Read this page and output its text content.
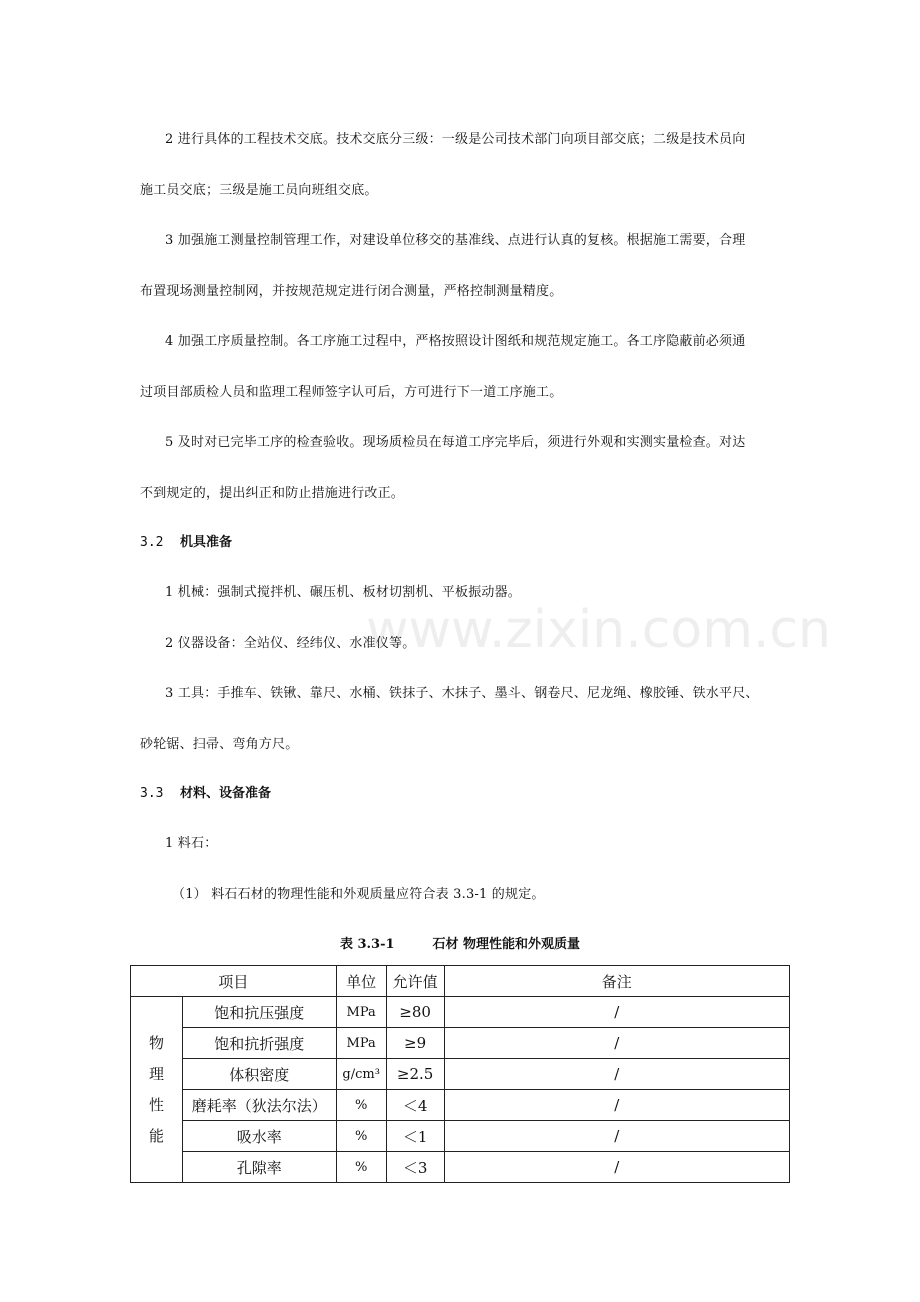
www.zixin.com.cn
2 进行具体的工程技术交底。技术交底分三级：一级是公司技术部门向项目部交底；二级是技术员向
施工员交底；三级是施工员向班组交底。
3 加强施工测量控制管理工作，对建设单位移交的基准线、点进行认真的复核。根据施工需要，合理
布置现场测量控制网，并按规范规定进行闭合测量，严格控制测量精度。
4 加强工序质量控制。各工序施工过程中，严格按照设计图纸和规范规定施工。各工序隐蔽前必须通
过项目部质检人员和监理工程师签字认可后，方可进行下一道工序施工。
5 及时对已完毕工序的检查验收。现场质检员在每道工序完毕后，须进行外观和实测实量检查。对达
不到规定的，提出纠正和防止措施进行改正。
3.2 机具准备
1 机械：强制式搅拌机、碾压机、板材切割机、平板振动器。
2 仪器设备：全站仪、经纬仪、水准仪等。
3 工具：手推车、铁锹、靠尺、水桶、铁抹子、木抹子、墨斗、钢卷尺、尼龙绳、橡胶锤、铁水平尺、
砂轮锯、扫帚、弯角方尺。
3.3 材料、设备准备
1 料石：
（1） 料石石材的物理性能和外观质量应符合表 3.3-1 的规定。
表 3.3-1	石材 物理性能和外观质量
项目		单位	允许值	备注

物
理
性
能	饱和抗压强度	MPa	≥80	/
	饱和抗折强度	MPa	≥9	/
	体积密度	g/cm³	≥2.5	/
	磨耗率（狄法尔法）	%	＜4	/
	吸水率	%	＜1	/
	孔隙率	%	＜3	/
